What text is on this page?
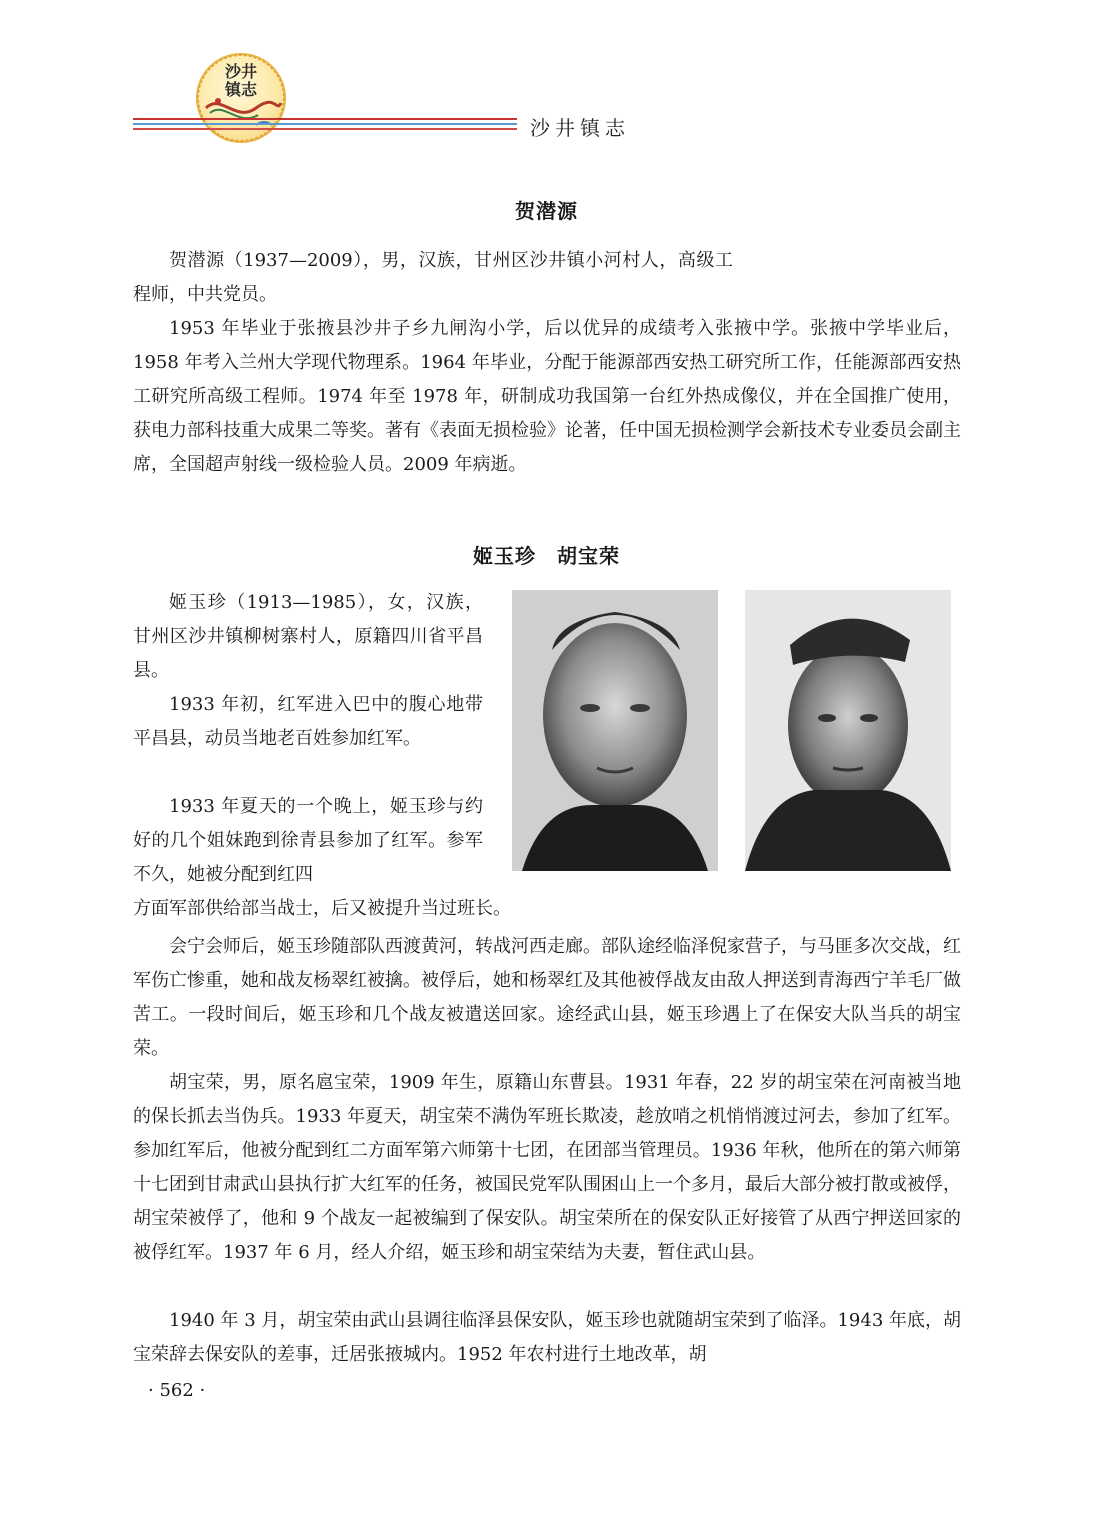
沙井镇志
沙井镇志
贺潜源

贺潜源（1937—2009），男，汉族，甘州区沙井镇小河村人，高级工程师，中共党员。

1953 年毕业于张掖县沙井子乡九闸沟小学，后以优异的成绩考入张掖中学。张掖中学毕业后，1958 年考入兰州大学现代物理系。1964 年毕业，分配于能源部西安热工研究所工作，任能源部西安热工研究所高级工程师。1974 年至 1978 年，研制成功我国第一台红外热成像仪，并在全国推广使用，获电力部科技重大成果二等奖。著有《表面无损检验》论著，任中国无损检测学会新技术专业委员会副主席，全国超声射线一级检验人员。2009 年病逝。

姬玉珍　胡宝荣

姬玉珍（1913—1985），女，汉族，甘州区沙井镇柳树寨村人，原籍四川省平昌县。

1933 年初，红军进入巴中的腹心地带平昌县，动员当地老百姓参加红军。

1933 年夏天的一个晚上，姬玉珍与约好的几个姐妹跑到徐青县参加了红军。参军不久，她被分配到红四

方面军部供给部当战士，后又被提升当过班长。

会宁会师后，姬玉珍随部队西渡黄河，转战河西走廊。部队途经临泽倪家营子，与马匪多次交战，红军伤亡惨重，她和战友杨翠红被擒。被俘后，她和杨翠红及其他被俘战友由敌人押送到青海西宁羊毛厂做苦工。一段时间后，姬玉珍和几个战友被遣送回家。途经武山县，姬玉珍遇上了在保安大队当兵的胡宝荣。

胡宝荣，男，原名扈宝荣，1909 年生，原籍山东曹县。1931 年春，22 岁的胡宝荣在河南被当地的保长抓去当伪兵。1933 年夏天，胡宝荣不满伪军班长欺凌，趁放哨之机悄悄渡过河去，参加了红军。参加红军后，他被分配到红二方面军第六师第十七团，在团部当管理员。1936 年秋，他所在的第六师第十七团到甘肃武山县执行扩大红军的任务，被国民党军队围困山上一个多月，最后大部分被打散或被俘，胡宝荣被俘了，他和 9 个战友一起被编到了保安队。胡宝荣所在的保安队正好接管了从西宁押送回家的被俘红军。1937 年 6 月，经人介绍，姬玉珍和胡宝荣结为夫妻，暂住武山县。

1940 年 3 月，胡宝荣由武山县调往临泽县保安队，姬玉珍也就随胡宝荣到了临泽。1943 年底，胡宝荣辞去保安队的差事，迁居张掖城内。1952 年农村进行土地改革，胡

· 562 ·
